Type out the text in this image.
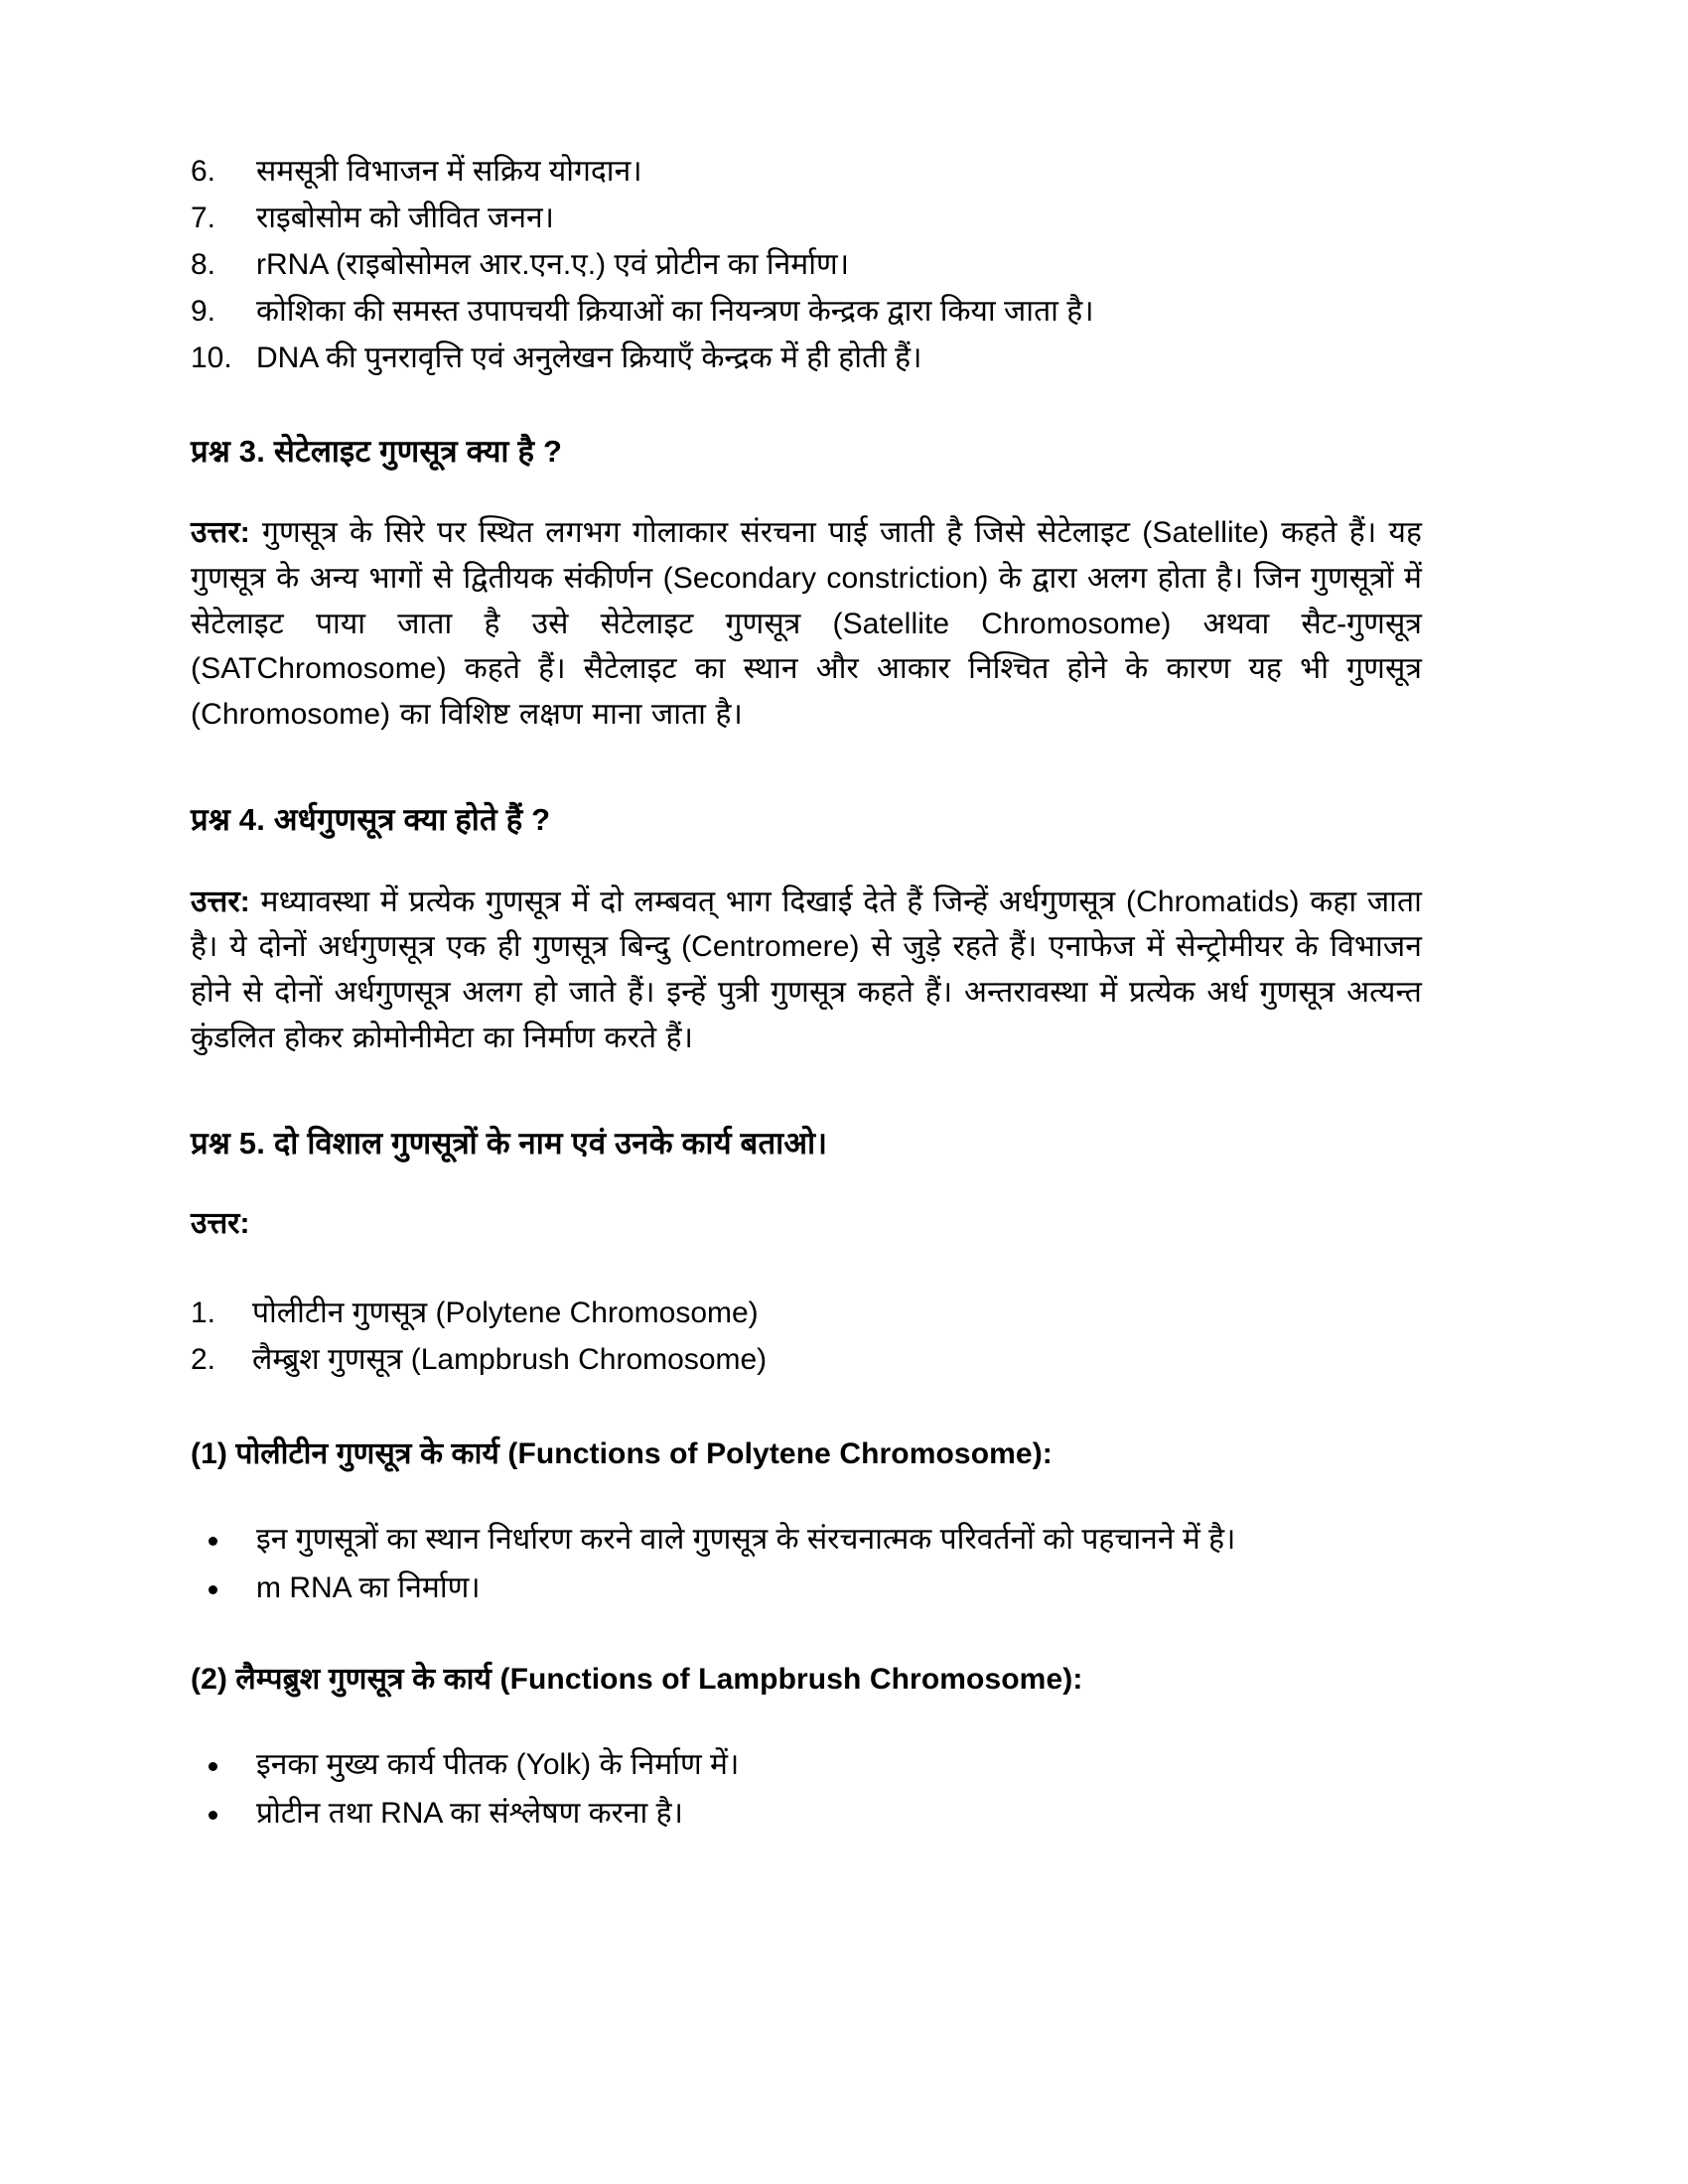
6.	समसूत्री विभाजन में सक्रिय योगदान।
7.	राइबोसोम को जीवित जनन।
8.	rRNA (राइबोसोमल आर.एन.ए.) एवं प्रोटीन का निर्माण।
9.	कोशिका की समस्त उपापचयी क्रियाओं का नियन्त्रण केन्द्रक द्वारा किया जाता है।
10. DNA की पुनरावृत्ति एवं अनुलेखन क्रियाएँ केन्द्रक में ही होती हैं।
प्रश्न 3. सेटेलाइट गुणसूत्र क्या है ?

उत्तर: गुणसूत्र के सिरे पर स्थित लगभग गोलाकार संरचना पाई जाती है जिसे सेटेलाइट (Satellite) कहते हैं। यह गुणसूत्र के अन्य भागों से द्वितीयक संकीर्णन (Secondary constriction) के द्वारा अलग होता है। जिन गुणसूत्रों में सेटेलाइट पाया जाता है उसे सेटेलाइट गुणसूत्र (Satellite Chromosome) अथवा सैट-गुणसूत्र (SATChromosome) कहते हैं। सैटेलाइट का स्थान और आकार निश्चित होने के कारण यह भी गुणसूत्र (Chromosome) का विशिष्ट लक्षण माना जाता है।

प्रश्न 4. अर्धगुणसूत्र क्या होते हैं ?

उत्तर: मध्यावस्था में प्रत्येक गुणसूत्र में दो लम्बवत् भाग दिखाई देते हैं जिन्हें अर्धगुणसूत्र (Chromatids) कहा जाता है। ये दोनों अर्धगुणसूत्र एक ही गुणसूत्र बिन्दु (Centromere) से जुड़े रहते हैं। एनाफेज में सेन्ट्रोमीयर के विभाजन होने से दोनों अर्धगुणसूत्र अलग हो जाते हैं। इन्हें पुत्री गुणसूत्र कहते हैं। अन्तरावस्था में प्रत्येक अर्ध गुणसूत्र अत्यन्त कुंडलित होकर क्रोमोनीमेटा का निर्माण करते हैं।

प्रश्न 5. दो विशाल गुणसूत्रों के नाम एवं उनके कार्य बताओ।

उत्तर:

1.	पोलीटीन गुणसूत्र (Polytene Chromosome)
2.	लैम्ब्रुश गुणसूत्र (Lampbrush Chromosome)
(1) पोलीटीन गुणसूत्र के कार्य (Functions of Polytene Chromosome):
इन गुणसूत्रों का स्थान निर्धारण करने वाले गुणसूत्र के संरचनात्मक परिवर्तनों को पहचानने में है।
m RNA का निर्माण।
(2) लैम्पब्रुश गुणसूत्र के कार्य (Functions of Lampbrush Chromosome):
इनका मुख्य कार्य पीतक (Yolk) के निर्माण में।
प्रोटीन तथा RNA का संश्लेषण करना है।
